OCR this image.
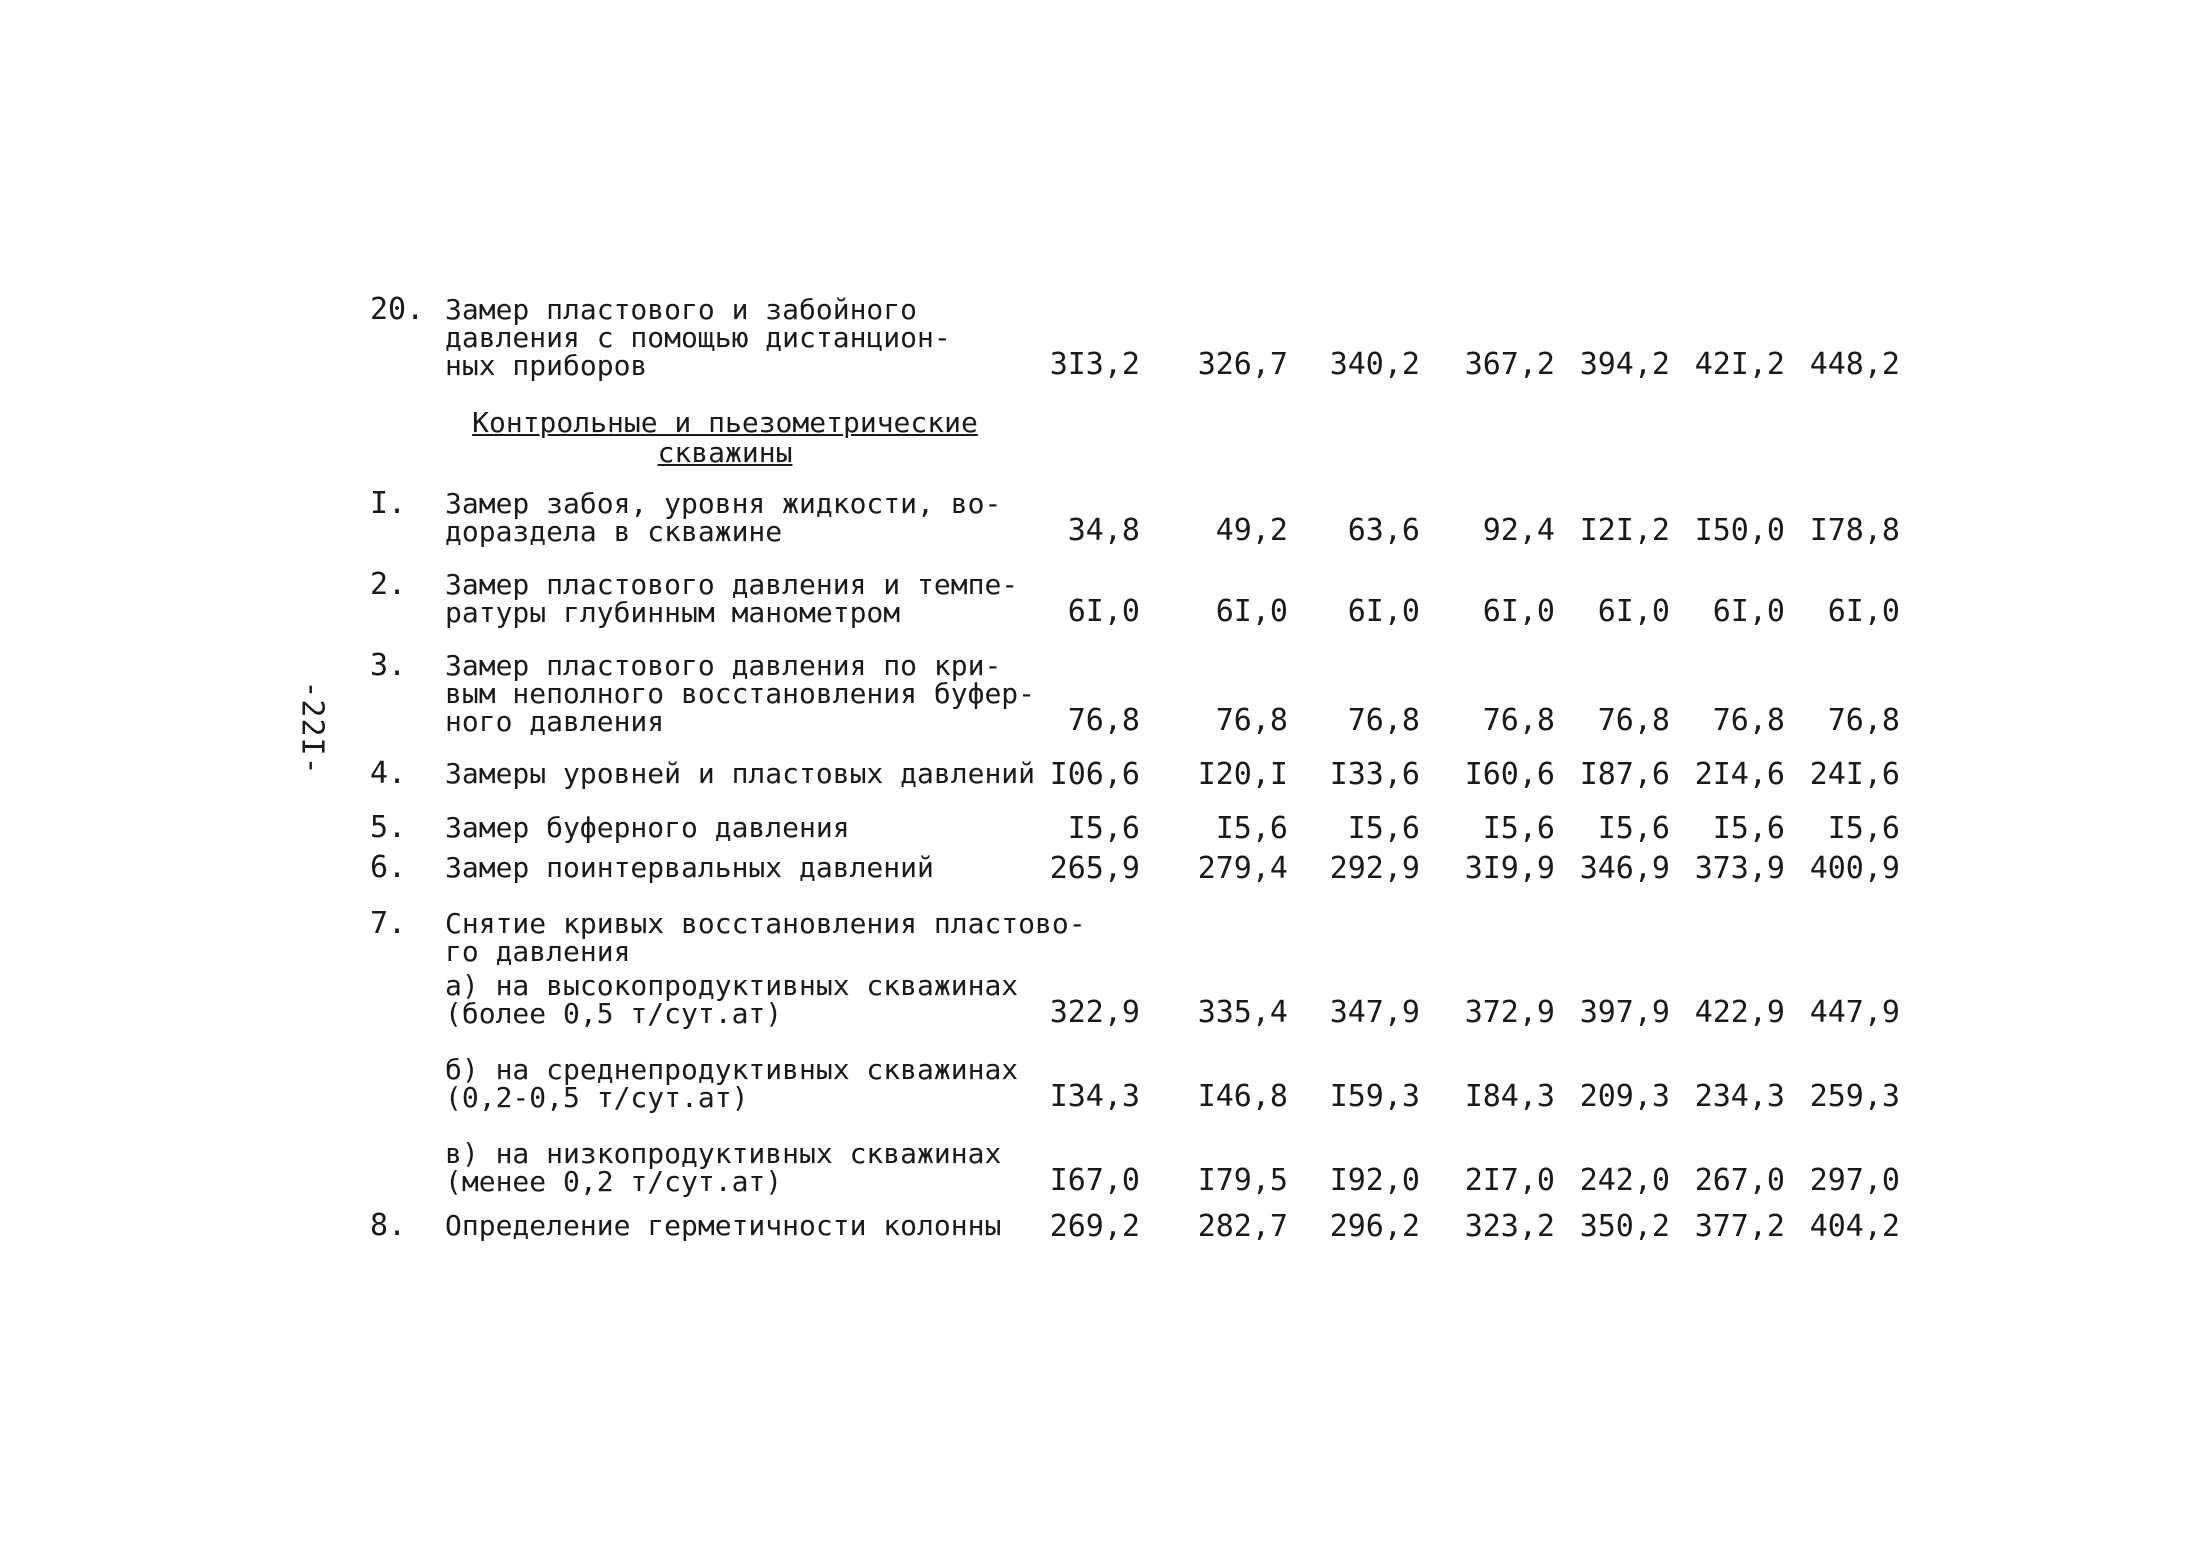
-22I-
20. Замер пластового и забойного
давления с помощью дистанцион-
ных приборов	3I3,2	326,7	340,2	367,2 394,2 42I,2 448,2
Контрольные и пьезометрические
скважины
I.	Замер забоя, уровня жидкости, во-
дораздела в скважине	34,8	49,2	63,6	92,4 I2I,2 I50,0 I78,8
2.	Замер пластового давления и темпе-
ратуры глубинным манометром	6I,0	6I,0	6I,0	6I,0	6I,0	6I,0	6I,0
3.	Замер пластового давления по кри-
вым неполного восстановления буфер-
ного давления	76,8	76,8	76,8	76,8	76,8	76,8	76,8
4.	Замеры уровней и пластовых давлений I06,6	I20,I	I33,6	I60,6 I87,6 2I4,6 24I,6
5.	Замер буферного давления	I5,6	I5,6	I5,6	I5,6	I5,6	I5,6	I5,6
6.	Замер поинтервальных давлений	265,9	279,4	292,9	3I9,9 346,9 373,9 400,9
7.	Снятие кривых восстановления пластово-
го давления
а) на высокопродуктивных скважинах
(более 0,5 т/сут.ат)	322,9	335,4	347,9	372,9 397,9 422,9 447,9
б) на среднепродуктивных скважинах
(0,2-0,5 т/сут.ат)	I34,3	I46,8	I59,3	I84,3 209,3 234,3 259,3
в) на низкопродуктивных скважинах
(менее 0,2 т/сут.ат)	I67,0	I79,5	I92,0	2I7,0 242,0 267,0 297,0
8.	Определение герметичности колонны	269,2	282,7	296,2	323,2 350,2 377,2 404,2
